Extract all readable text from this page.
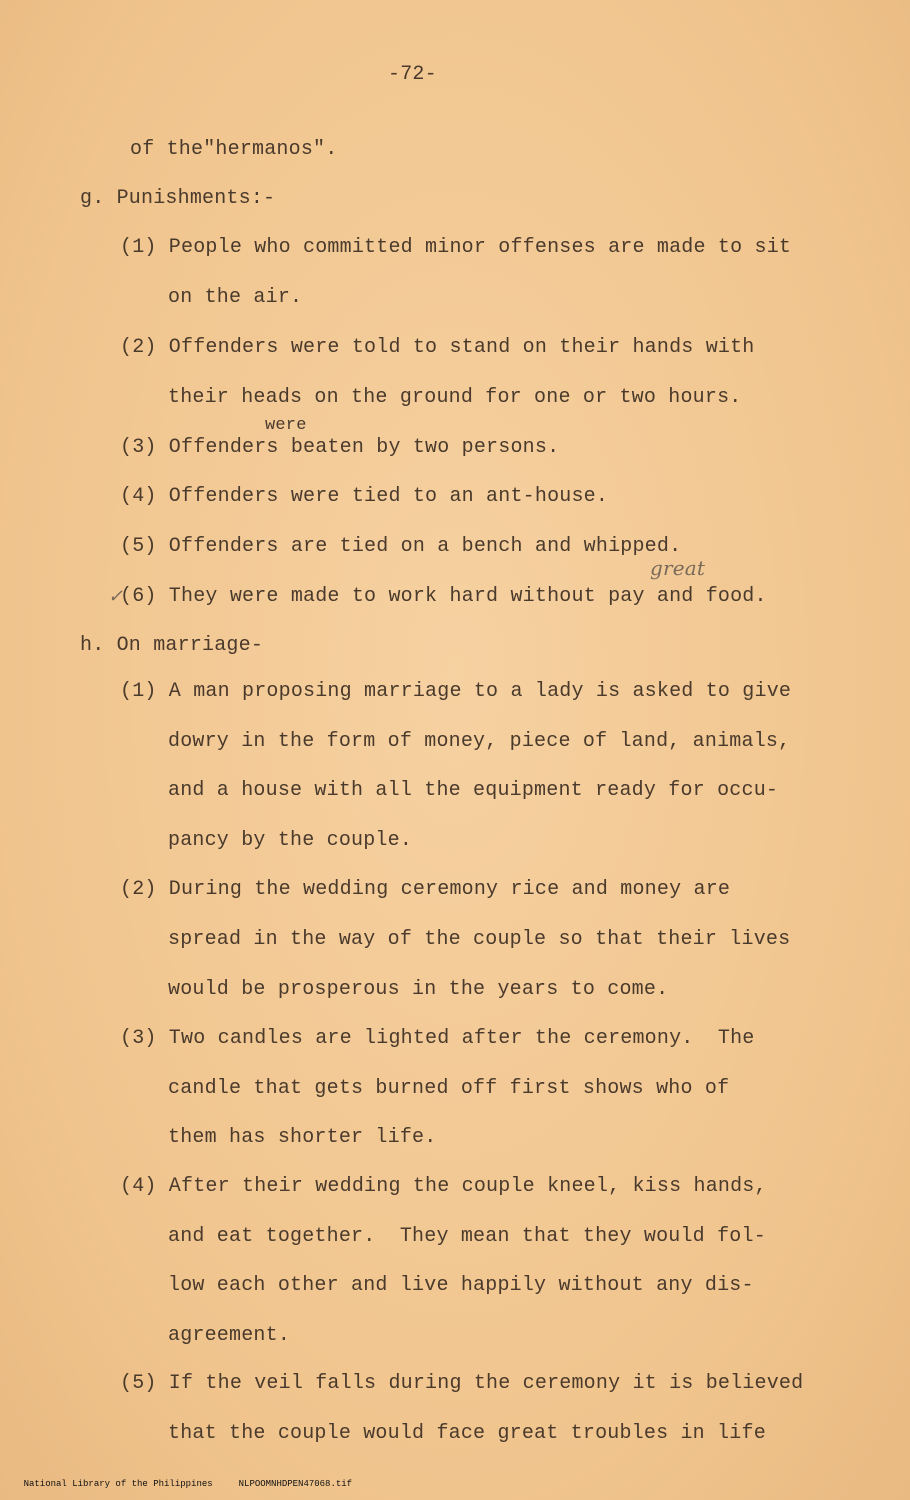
-72-
of the"hermanos".
g. Punishments:-
(1) People who committed minor offenses are made to sit
on the air.
(2) Offenders were told to stand on their hands with
their heads on the ground for one or two hours.
were
(3) Offenders beaten by two persons.
(4) Offenders were tied to an ant-house.
(5) Offenders are tied on a bench and whipped.
✓
(6) They were made to work hard without pay and food.
great
h. On marriage-
(1) A man proposing marriage to a lady is asked to give
dowry in the form of money, piece of land, animals,
and a house with all the equipment ready for occu-
pancy by the couple.
(2) During the wedding ceremony rice and money are
spread in the way of the couple so that their lives
would be prosperous in the years to come.
(3) Two candles are lighted after the ceremony.  The
candle that gets burned off first shows who of
them has shorter life.
(4) After their wedding the couple kneel, kiss hands,
and eat together.  They mean that they would fol-
low each other and live happily without any dis-
agreement.
(5) If the veil falls during the ceremony it is believed
that the couple would face great troubles in life

National Library of the Philippines	NLPOOMNHDPEN47068.tif
